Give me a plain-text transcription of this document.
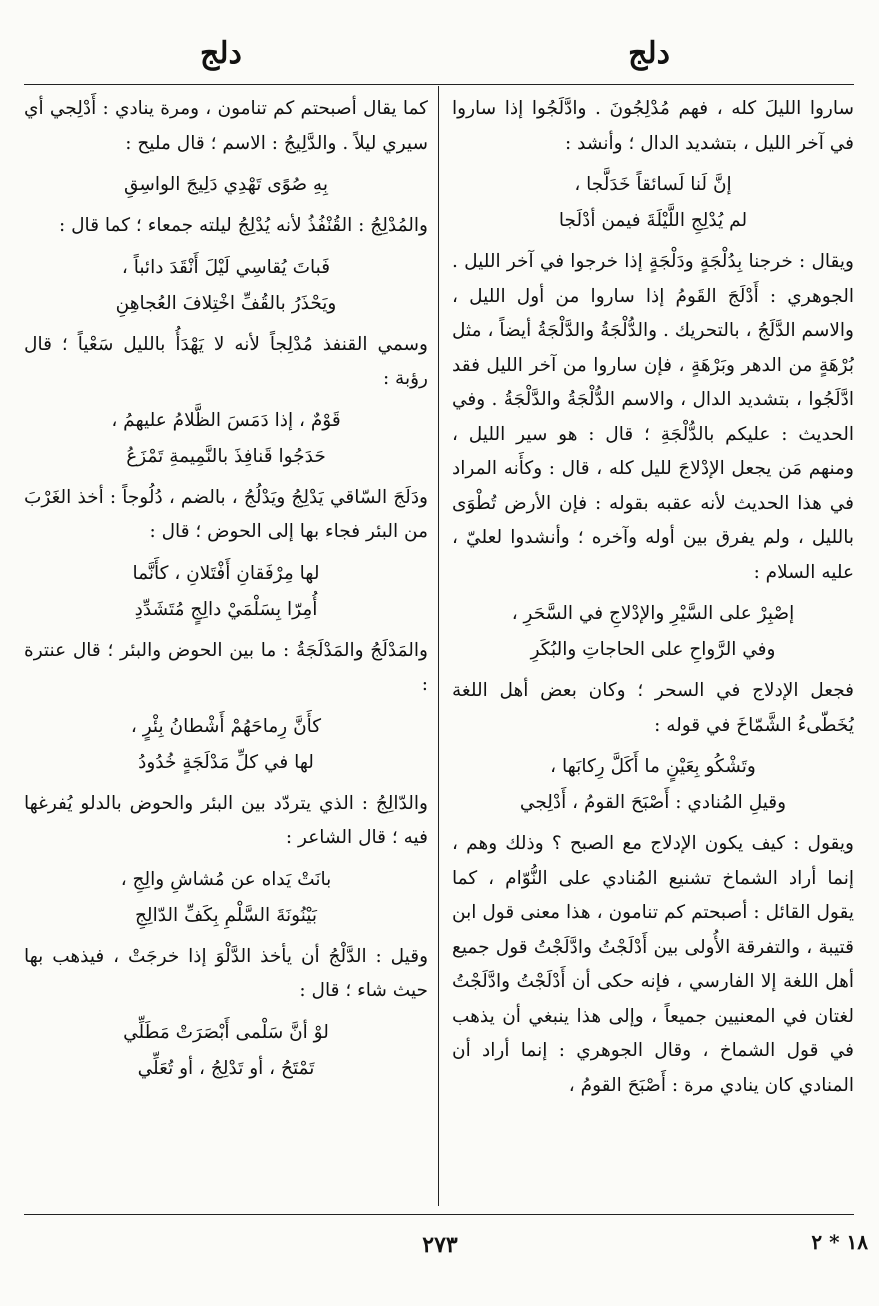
دلج
دلج

ساروا الليلَ كله ، فهم مُدْلِجُونَ . وادَّلَجُوا إذا ساروا في آخر الليل ، بتشديد الدال ؛ وأنشد :

إنَّ لَنا لَسائقاً خَدَلَّجا ،
لم يُدْلِجِ اللَّيْلَةَ فيمن أدْلَجا

ويقال : خرجنا بِدُلْجَةٍ ودَلْجَةٍ إذا خرجوا في آخر الليل . الجوهري : أَدْلَجَ القَومُ إذا ساروا من أول الليل ، والاسم الدَّلَجُ ، بالتحريك . والدُّلْجَةُ والدَّلْجَةُ أيضاً ، مثل بُرْهَةٍ من الدهر وبَرْهَةٍ ، فإن ساروا من آخر الليل فقد ادَّلَجُوا ، بتشديد الدال ، والاسم الدُّلْجَةُ والدَّلْجَةُ . وفي الحديث : عليكم بالدُّلْجَةِ ؛ قال : هو سير الليل ، ومنهم مَن يجعل الإدْلاجَ لليل كله ، قال : وكأَنه المراد في هذا الحديث لأنه عقبه بقوله : فإن الأرض تُطْوَى بالليل ، ولم يفرق بين أوله وآخره ؛ وأنشدوا لعليّ ، عليه السلام :

إصْبِرْ على السَّيْرِ والإدْلاجِ في السَّحَرِ ،
وفي الرَّواحِ على الحاجاتِ والبُكَرِ

فجعل الإدلاج في السحر ؛ وكان بعض أهل اللغة يُخَطّىءُ الشَّمّاخَ في قوله :

وتَشْكُو بِعَيْنٍ ما أَكَلَّ رِكابَها ،
وقيلِ المُنادي : أَصْبَحَ القومُ ، أَدْلِجي

ويقول : كيف يكون الإدلاج مع الصبح ؟ وذلك وهم ، إنما أراد الشماخ تشنيع المُنادي على النُّوّام ، كما يقول القائل : أصبحتم كم تنامون ، هذا معنى قول ابن قتيبة ، والتفرقة الأُولى بين أَدْلَجْتُ وادَّلَجْتُ قول جميع أهل اللغة إلا الفارسي ، فإنه حكى أن أَدْلَجْتُ وادَّلَجْتُ لغتان في المعنيين جميعاً ، وإلى هذا ينبغي أن يذهب في قول الشماخ ، وقال الجوهري : إنما أراد أن المنادي كان ينادي مرة : أَصْبَحَ القومُ ،

كما يقال أصبحتم كم تنامون ، ومرة ينادي : أَدْلِجي أي سيري ليلاً . والدَّلِيجُ : الاسم ؛ قال مليح :

بِهِ صُوًى تَهْدِي دَلِيجَ الواسِقِ

والمُدْلِجُ : القُنْفُذُ لأنه يُدْلِجُ ليلته جمعاء ؛ كما قال :

فَباتَ يُقاسِي لَيْلَ أَنْقَدَ دائباً ،
ويَحْذَرُ بالقُفِّ اخْتِلافَ العُجاهِنِ

وسمي القنفذ مُدْلِجاً لأنه لا يَهْدَأُ بالليل سَعْياً ؛ قال رؤبة :

قَوْمٌ ، إذا دَمَسَ الظَّلامُ عليهمُ ،
حَدَجُوا قَنافِذَ بالنَّمِيمةِ تَمْزَعُ

ودَلَجَ السّاقي يَدْلِجُ ويَدْلُجُ ، بالضم ، دُلُوجاً : أخذ الغَرْبَ من البئر فجاء بها إلى الحوض ؛ قال :

لها مِرْفَقانِ أَفْتَلانِ ، كأَنَّما
أُمِرّا بِسَلْمَيْ دالِجٍ مُتَشَدِّدِ

والمَدْلَجُ والمَدْلَجَةُ : ما بين الحوض والبئر ؛ قال عنترة :

كأَنَّ رِماحَهُمْ أَشْطانُ بِئْرٍ ،
لها في كلِّ مَدْلَجَةٍ خُدُودُ

والدّالِجُ : الذي يتردّد بين البئر والحوض بالدلو يُفرغها فيه ؛ قال الشاعر :

بانَتْ يَداه عن مُشاشِ والِجِ ،
بَيْنُونَةَ السَّلْمِ بِكَفِّ الدّالِجِ

وقيل : الدَّلْجُ أن يأخذ الدَّلْوَ إذا خرجَتْ ، فيذهب بها حيث شاء ؛ قال :

لوْ أنَّ سَلْمى أَبْصَرَتْ مَطَلِّي
تَمْتَحُ ، أو تَدْلِجُ ، أو تُعَلِّي
٢٧٣	١٨ * ٢
